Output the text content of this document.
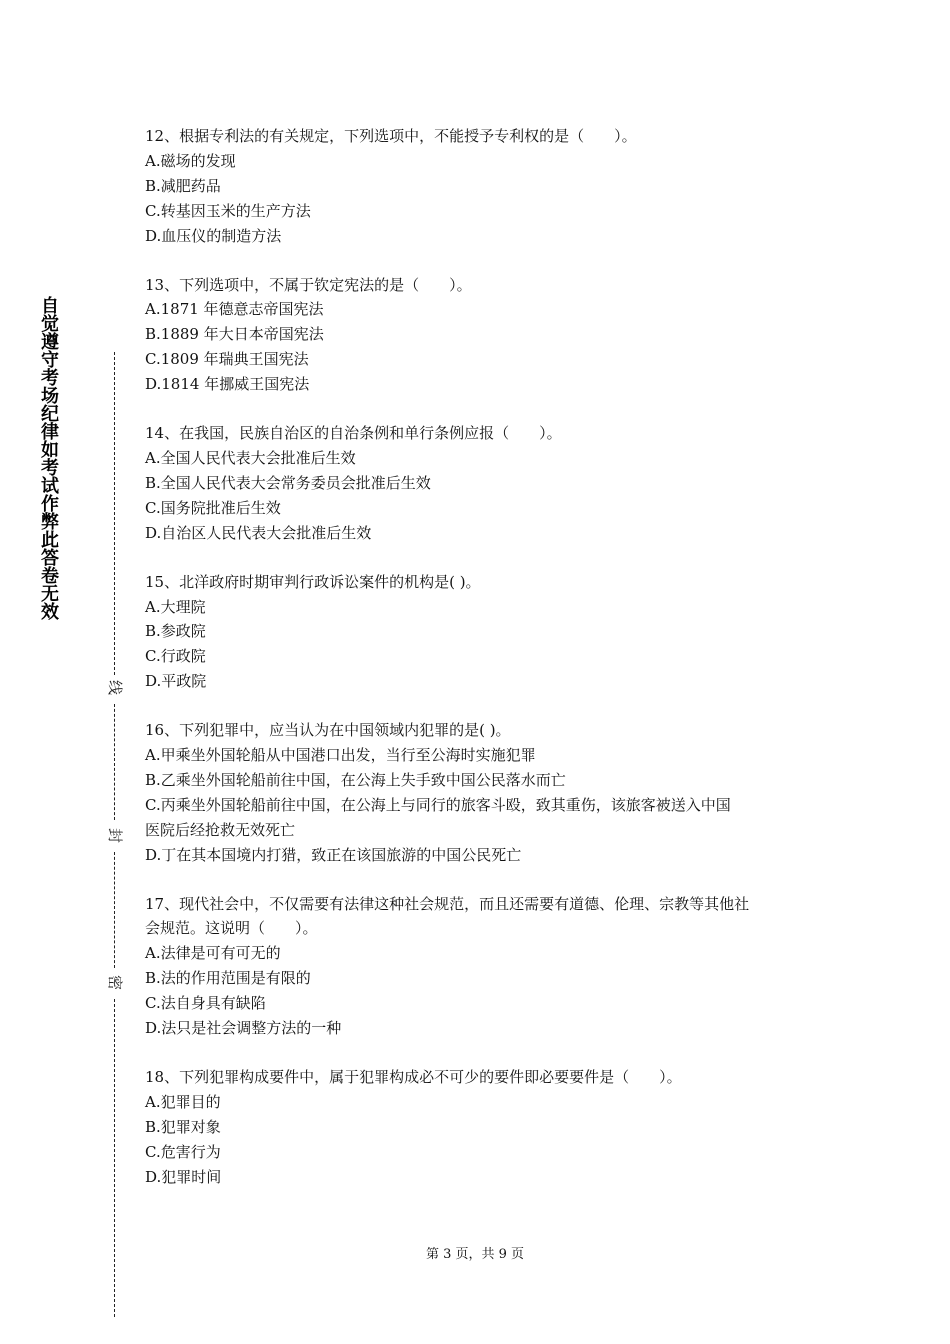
自觉遵守考场纪律如考试作弊此答卷无效
线
封
密

12、根据专利法的有关规定，下列选项中，不能授予专利权的是（　　）。

A.磁场的发现

B.减肥药品

C.转基因玉米的生产方法

D.血压仪的制造方法

13、下列选项中，不属于钦定宪法的是（　　）。

A.1871 年德意志帝国宪法

B.1889 年大日本帝国宪法

C.1809 年瑞典王国宪法

D.1814 年挪威王国宪法

14、在我国，民族自治区的自治条例和单行条例应报（　　）。

A.全国人民代表大会批准后生效

B.全国人民代表大会常务委员会批准后生效

C.国务院批准后生效

D.自治区人民代表大会批准后生效

15、北洋政府时期审判行政诉讼案件的机构是( )。

A.大理院

B.参政院

C.行政院

D.平政院

16、下列犯罪中，应当认为在中国领域内犯罪的是( )。

A.甲乘坐外国轮船从中国港口出发，当行至公海时实施犯罪

B.乙乘坐外国轮船前往中国，在公海上失手致中国公民落水而亡

C.丙乘坐外国轮船前往中国，在公海上与同行的旅客斗殴，致其重伤，该旅客被送入中国

医院后经抢救无效死亡

D.丁在其本国境内打猎，致正在该国旅游的中国公民死亡

17、现代社会中，不仅需要有法律这种社会规范，而且还需要有道德、伦理、宗教等其他社

会规范。这说明（　　）。

A.法律是可有可无的

B.法的作用范围是有限的

C.法自身具有缺陷

D.法只是社会调整方法的一种

18、下列犯罪构成要件中，属于犯罪构成必不可少的要件即必要要件是（　　）。

A.犯罪目的

B.犯罪对象

C.危害行为

D.犯罪时间

第 3 页，共 9 页
